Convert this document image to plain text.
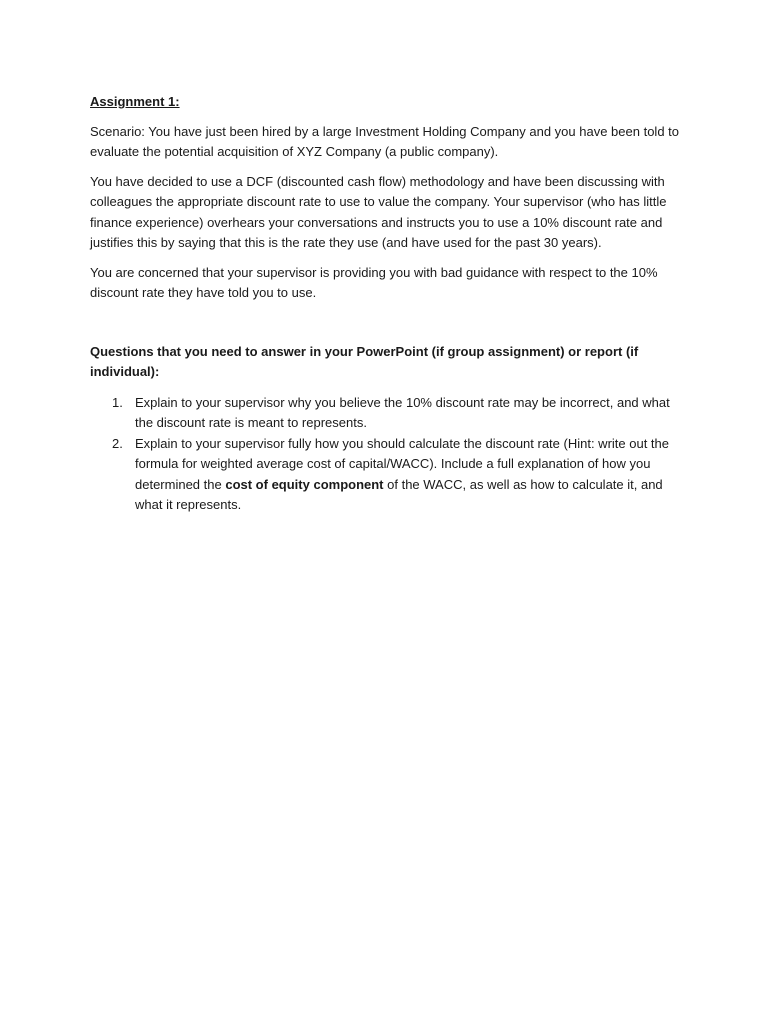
Assignment 1:

Scenario: You have just been hired by a large Investment Holding Company and you have been told to evaluate the potential acquisition of XYZ Company (a public company).

You have decided to use a DCF (discounted cash flow) methodology and have been discussing with colleagues the appropriate discount rate to use to value the company. Your supervisor (who has little finance experience) overhears your conversations and instructs you to use a 10% discount rate and justifies this by saying that this is the rate they use (and have used for the past 30 years).

You are concerned that your supervisor is providing you with bad guidance with respect to the 10% discount rate they have told you to use.

Questions that you need to answer in your PowerPoint (if group assignment) or report (if individual):
1. Explain to your supervisor why you believe the 10% discount rate may be incorrect, and what the discount rate is meant to represents.
2. Explain to your supervisor fully how you should calculate the discount rate (Hint: write out the formula for weighted average cost of capital/WACC). Include a full explanation of how you determined the cost of equity component of the WACC, as well as how to calculate it, and what it represents.
